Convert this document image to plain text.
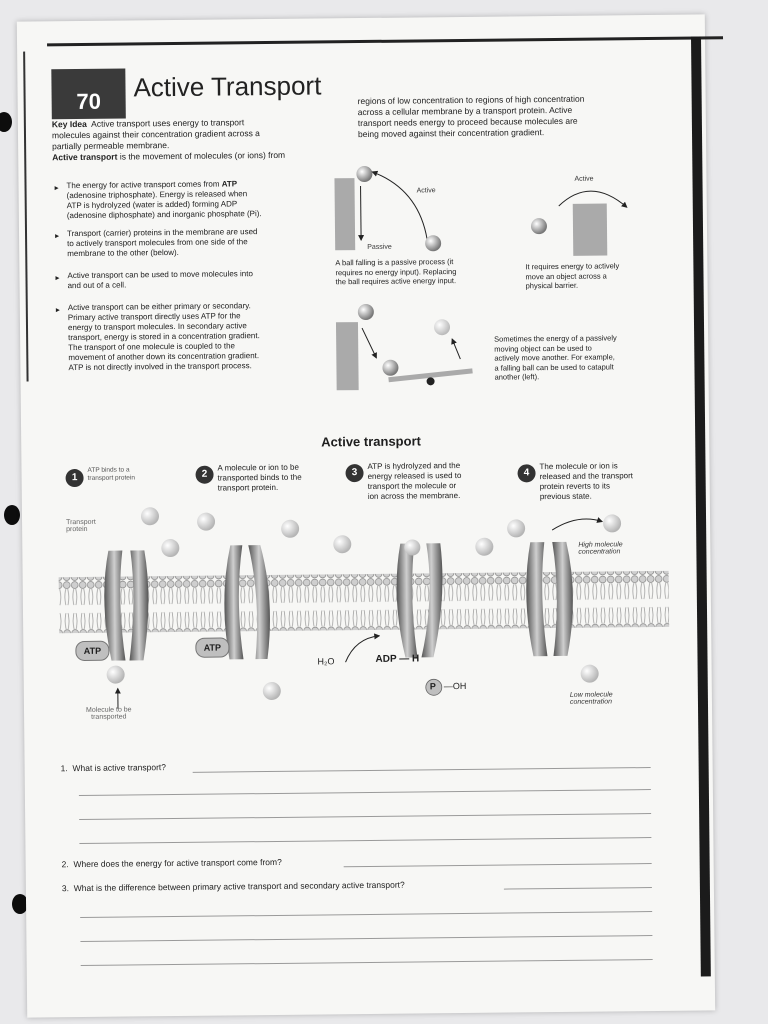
70	Active Transport
Key Idea Active transport uses energy to transport
molecules against their concentration gradient across a
partially permeable membrane.
Active transport is the movement of molecules (or ions) from
regions of low concentration to regions of high concentration
across a cellular membrane by a transport protein. Active
transport needs energy to proceed because molecules are
being moved against their concentration gradient.
▸ The energy for active transport comes from ATP
(adenosine triphosphate). Energy is released when
ATP is hydrolyzed (water is added) forming ADP
(adenosine diphosphate) and inorganic phosphate (Pi).
▸ Transport (carrier) proteins in the membrane are used
to actively transport molecules from one side of the
membrane to the other (below).
▸ Active transport can be used to move molecules into
and out of a cell.
▸ Active transport can be either primary or secondary.
Primary active transport directly uses ATP for the
energy to transport molecules. In secondary active
transport, energy is stored in a concentration gradient.
The transport of one molecule is coupled to the
movement of another down its concentration gradient.
ATP is not directly involved in the transport process.
Active
Passive
A ball falling is a passive process (it
requires no energy input). Replacing
the ball requires active energy input.
Active
It requires energy to actively
move an object across a
physical barrier.
Sometimes the energy of a passively
moving object can be used to
actively move another. For example,
a falling ball can be used to catapult
another (left).
Active transport
1
ATP binds to a
transport protein	2
A molecule or ion to be
transported binds to the
transport protein.
3
ATP is hydrolyzed and the
energy released is used to
transport the molecule or
ion across the membrane.
4
The molecule or ion is
released and the transport
protein reverts to its
previous state.
Transport
protein
ATP	ATP
H₂O	ADP — H
P —OH
High molecule
concentration
Low molecule
concentration
Molecule to be
transported
1. What is active transport?
2. Where does the energy for active transport come from?
3. What is the difference between primary active transport and secondary active transport?
